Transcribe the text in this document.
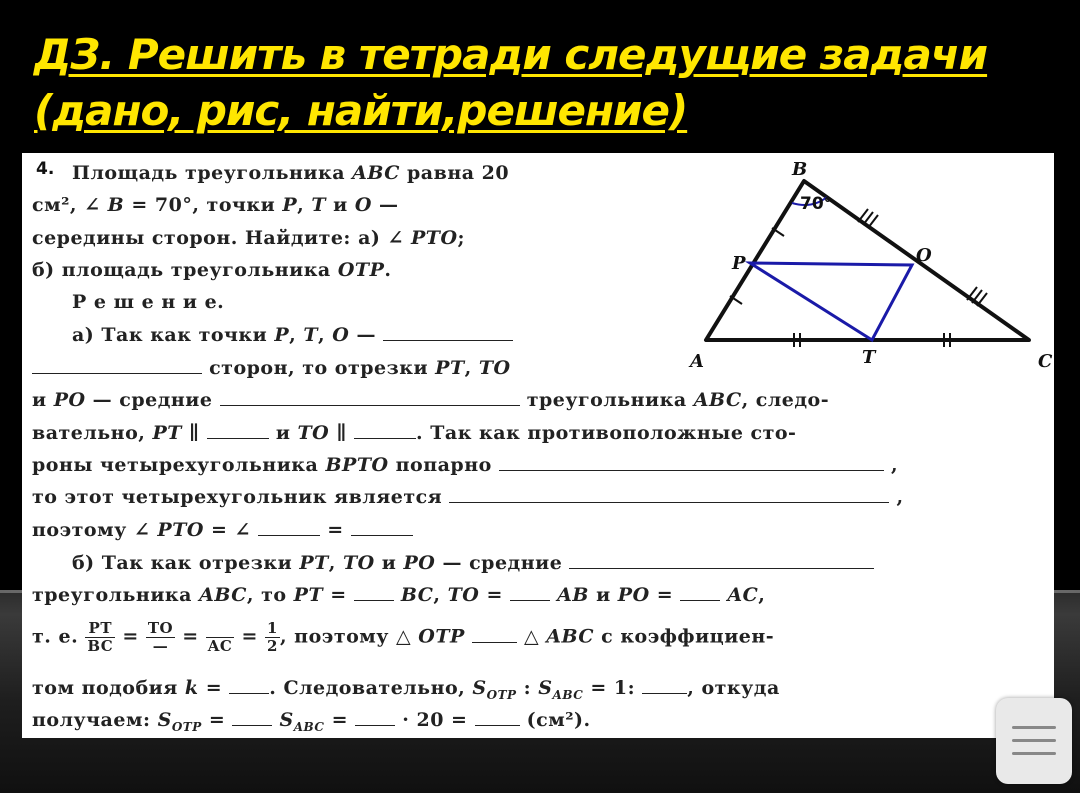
ДЗ. Решить в тетради следущие задачи
(дано, рис, найти,решение)
4. Площадь треугольника ABC равна 20
см², ∠ B = 70°, точки P, T и O —
середины сторон. Найдите: а) ∠ PTO;
б) площадь треугольника OTP.
Р е ш е н и е.
а) Так как точки P, T, O —
сторон, то отрезки PT, TO
и PO — средние	треугольника ABC, следо-
вательно, PT ∥	и TO ∥	. Так как противоположные сто-
роны четырехугольника BPTO попарно	,
то этот четырехугольник является	,
поэтому ∠ PTO = ∠	=
б) Так как отрезки PT, TO и PO — средние
треугольника ABC, то PT =  BC, TO =  AB и PO =  AC,
т. е. $\frac{PT}{BC} = \frac{TO}{—}$ =
AC = $\frac{1}{2}$ , поэтому △ OTP	△ ABC с коэффициен-
том подобия k = . Следовательно, $S_{OTP}$ : $S_{ABC} = 1$: , откуда
получаем: $S_{OTP} = S_{ABC}$ =  · 20 =  (см²).
B
A	C
P
T
O
70°
